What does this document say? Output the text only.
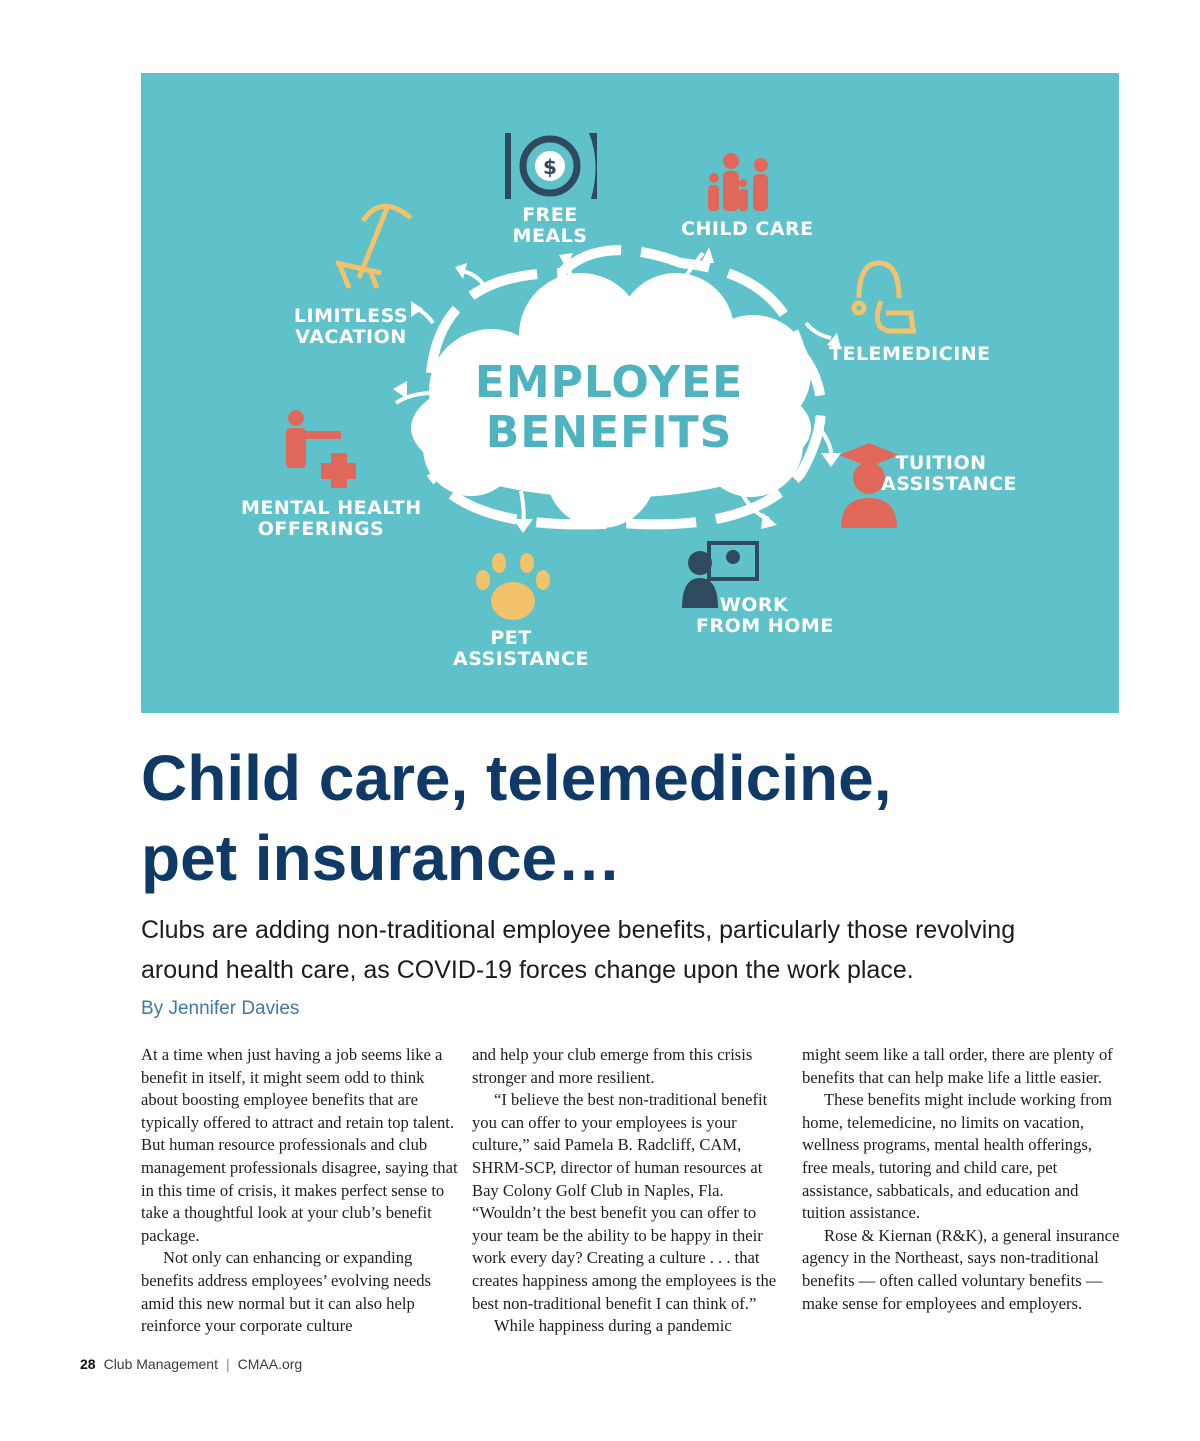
$
EMPLOYEE
BENEFITS
FREE
MEALS	CHILD CARE
LIMITLESS
VACATION
TELEMEDICINE
TUITION
ASSISTANCE
MENTAL HEALTH
OFFERINGS
WORK
FROM HOME
PET
ASSISTANCE
Child care, telemedicine,
pet insurance…

Clubs are adding non-traditional employee benefits, particularly those revolving
around health care, as COVID-19 forces change upon the work place.

By Jennifer Davies

At a time when just having a job seems like a benefit in itself, it might seem odd to think about boosting employee benefits that are typically offered to attract and retain top talent. But human resource professionals and club management professionals disagree, saying that in this time of crisis, it makes perfect sense to take a thoughtful look at your club’s benefit package.

Not only can enhancing or expanding benefits address employees’ evolving needs amid this new normal but it can also help reinforce your corporate culture

and help your club emerge from this crisis stronger and more resilient.

“I believe the best non-traditional benefit you can offer to your employees is your culture,” said Pamela B. Radcliff, CAM, SHRM-SCP, director of human resources at Bay Colony Golf Club in Naples, Fla. “Wouldn’t the best benefit you can offer to your team be the ability to be happy in their work every day? Creating a culture . . . that creates happiness among the employees is the best non-traditional benefit I can think of.”

While happiness during a pandemic

might seem like a tall order, there are plenty of benefits that can help make life a little easier.

These benefits might include working from home, telemedicine, no limits on vacation, wellness programs, mental health offerings, free meals, tutoring and child care, pet assistance, sabbaticals, and education and tuition assistance.

Rose & Kiernan (R&K), a general insurance agency in the Northeast, says non-traditional benefits — often called voluntary benefits — make sense for employees and employers.

28 Club Management | CMAA.org
